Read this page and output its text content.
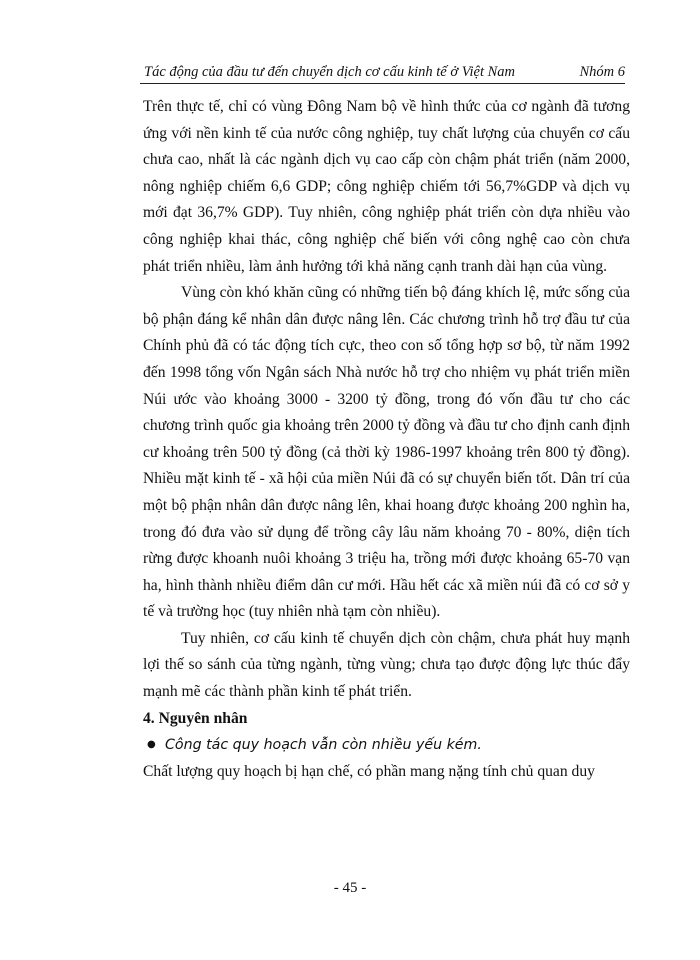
Tác động của đầu tư đến chuyển dịch cơ cấu kinh tế ở Việt Nam	Nhóm 6

Trên thực tế, chỉ có vùng Đông Nam bộ về hình thức của cơ ngành đã tương ứng với nền kinh tế của nước công nghiệp, tuy chất lượng của chuyển cơ cấu chưa cao, nhất là các ngành dịch vụ cao cấp còn chậm phát triển (năm 2000, nông nghiệp chiếm 6,6 GDP; công nghiệp chiếm tới 56,7%GDP và dịch vụ mới đạt 36,7% GDP). Tuy nhiên, công nghiệp phát triển còn dựa nhiều vào công nghiệp khai thác, công nghiệp chế biến với công nghệ cao còn chưa phát triển nhiều, làm ảnh hưởng tới khả năng cạnh tranh dài hạn của vùng.

Vùng còn khó khăn cũng có những tiến bộ đáng khích lệ, mức sống của bộ phận đáng kể nhân dân được nâng lên. Các chương trình hỗ trợ đầu tư của Chính phủ đã có tác động tích cực, theo con số tổng hợp sơ bộ, từ năm 1992 đến 1998 tổng vốn Ngân sách Nhà nước hỗ trợ cho nhiệm vụ phát triển miền Núi ước vào khoảng 3000 - 3200 tỷ đồng, trong đó vốn đầu tư cho các chương trình quốc gia khoảng trên 2000 tỷ đồng và đầu tư cho định canh định cư khoảng trên 500 tỷ đồng (cả thời kỳ 1986-1997 khoảng trên 800 tỷ đồng). Nhiều mặt kinh tế - xã hội của miền Núi đã có sự chuyển biến tốt. Dân trí của một bộ phận nhân dân được nâng lên, khai hoang được khoảng 200 nghìn ha, trong đó đưa vào sử dụng để trồng cây lâu năm khoảng 70 - 80%, diện tích rừng được khoanh nuôi khoảng 3 triệu ha, trồng mới được khoảng 65-70 vạn ha, hình thành nhiều điểm dân cư mới. Hầu hết các xã miền núi đã có cơ sở y tế và trường học (tuy nhiên nhà tạm còn nhiều).

Tuy nhiên, cơ cấu kinh tế chuyển dịch còn chậm, chưa phát huy mạnh lợi thế so sánh của từng ngành, từng vùng; chưa tạo được động lực thúc đẩy mạnh mẽ các thành phần kinh tế phát triển.

4. Nguyên nhân

● Công tác quy hoạch vẫn còn nhiều yếu kém.

Chất lượng quy hoạch bị hạn chế, có phần mang nặng tính chủ quan duy

- 45 -
